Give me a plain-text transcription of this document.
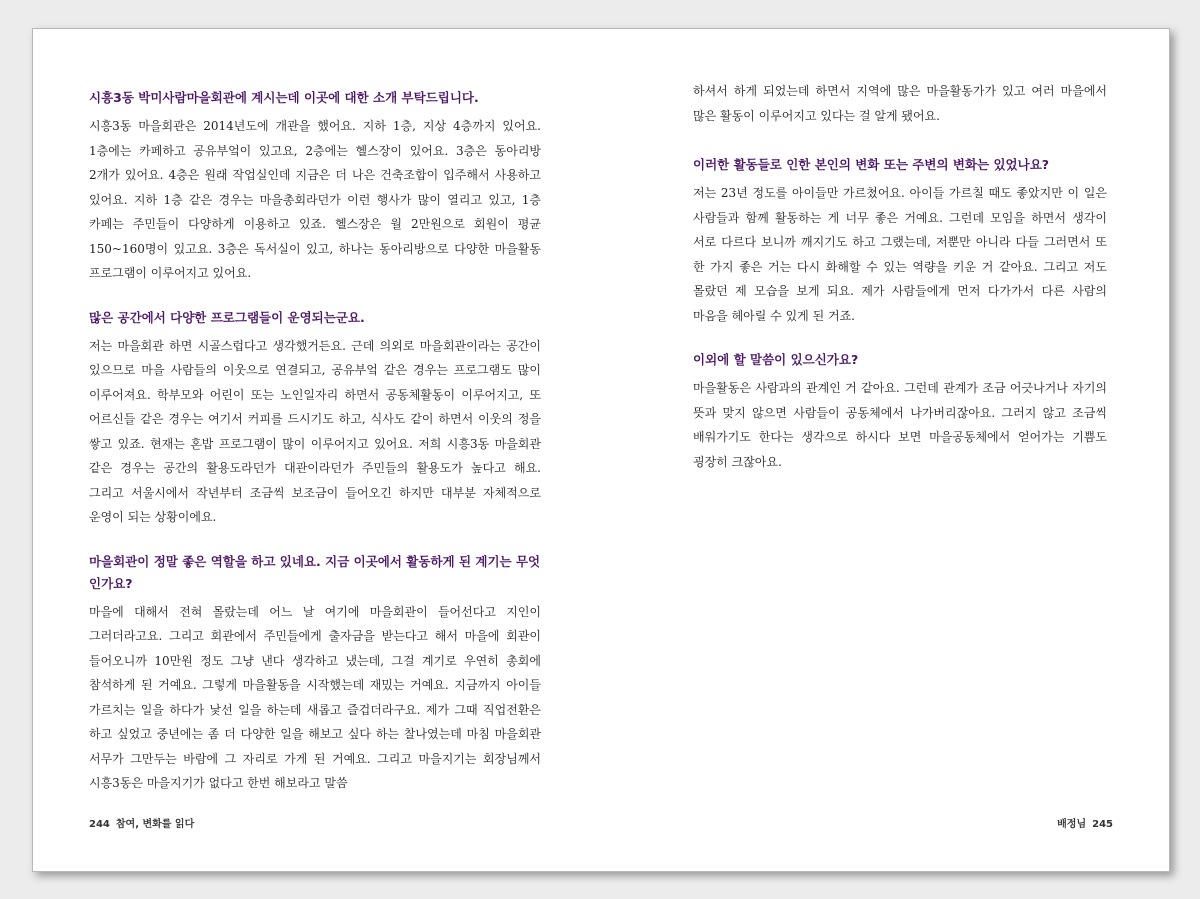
시흥3동 박미사람마을회관에 계시는데 이곳에 대한 소개 부탁드립니다.

시흥3동 마을회관은 2014년도에 개관을 했어요. 지하 1층, 지상 4층까지 있어요. 1층에는 카페하고 공유부엌이 있고요, 2층에는 헬스장이 있어요. 3층은 동아리방 2개가 있어요. 4층은 원래 작업실인데 지금은 더 나은 건축조합이 입주해서 사용하고 있어요. 지하 1층 같은 경우는 마을총회라던가 이런 행사가 많이 열리고 있고, 1층 카페는 주민들이 다양하게 이용하고 있죠. 헬스장은 월 2만원으로 회원이 평균 150~160명이 있고요. 3층은 독서실이 있고, 하나는 동아리방으로 다양한 마을활동 프로그램이 이루어지고 있어요.

많은 공간에서 다양한 프로그램들이 운영되는군요.

저는 마을회관 하면 시골스럽다고 생각했거든요. 근데 의외로 마을회관이라는 공간이 있으므로 마을 사람들의 이웃으로 연결되고, 공유부엌 같은 경우는 프로그램도 많이 이루어져요. 학부모와 어린이 또는 노인일자리 하면서 공동체활동이 이루어지고, 또 어르신들 같은 경우는 여기서 커피를 드시기도 하고, 식사도 같이 하면서 이웃의 정을 쌓고 있죠. 현재는 혼밥 프로그램이 많이 이루어지고 있어요. 저희 시흥3동 마을회관 같은 경우는 공간의 활용도라던가 대관이라던가 주민들의 활용도가 높다고 해요. 그리고 서울시에서 작년부터 조금씩 보조금이 들어오긴 하지만 대부분 자체적으로 운영이 되는 상황이에요.

마을회관이 정말 좋은 역할을 하고 있네요. 지금 이곳에서 활동하게 된 계기는 무엇인가요?

마을에 대해서 전혀 몰랐는데 어느 날 여기에 마을회관이 들어선다고 지인이 그러더라고요. 그리고 회관에서 주민들에게 출자금을 받는다고 해서 마을에 회관이 들어오니까 10만원 정도 그냥 낸다 생각하고 냈는데, 그걸 계기로 우연히 총회에 참석하게 된 거예요. 그렇게 마을활동을 시작했는데 재밌는 거예요. 지금까지 아이들 가르치는 일을 하다가 낯선 일을 하는데 새롭고 즐겁더라구요. 제가 그때 직업전환은 하고 싶었고 중년에는 좀 더 다양한 일을 해보고 싶다 하는 찰나였는데 마침 마을회관 서무가 그만두는 바람에 그 자리로 가게 된 거예요. 그리고 마을지기는 회장님께서 시흥3동은 마을지기가 없다고 한번 해보라고 말씀

하셔서 하게 되었는데 하면서 지역에 많은 마을활동가가 있고 여러 마을에서 많은 활동이 이루어지고 있다는 걸 알게 됐어요.

이러한 활동들로 인한 본인의 변화 또는 주변의 변화는 있었나요?

저는 23년 정도를 아이들만 가르쳤어요. 아이들 가르칠 때도 좋았지만 이 일은 사람들과 함께 활동하는 게 너무 좋은 거예요. 그런데 모임을 하면서 생각이 서로 다르다 보니까 깨지기도 하고 그랬는데, 저뿐만 아니라 다들 그러면서 또 한 가지 좋은 거는 다시 화해할 수 있는 역량을 키운 거 같아요. 그리고 저도 몰랐던 제 모습을 보게 되요. 제가 사람들에게 먼저 다가가서 다른 사람의 마음을 헤아릴 수 있게 된 거죠.

이외에 할 말씀이 있으신가요?

마을활동은 사람과의 관계인 거 같아요. 그런데 관계가 조금 어긋나거나 자기의 뜻과 맞지 않으면 사람들이 공동체에서 나가버리잖아요. 그러지 않고 조금씩 배워가기도 한다는 생각으로 하시다 보면 마을공동체에서 얻어가는 기쁨도 굉장히 크잖아요.

244 참여, 변화를 읽다	배정님 245
